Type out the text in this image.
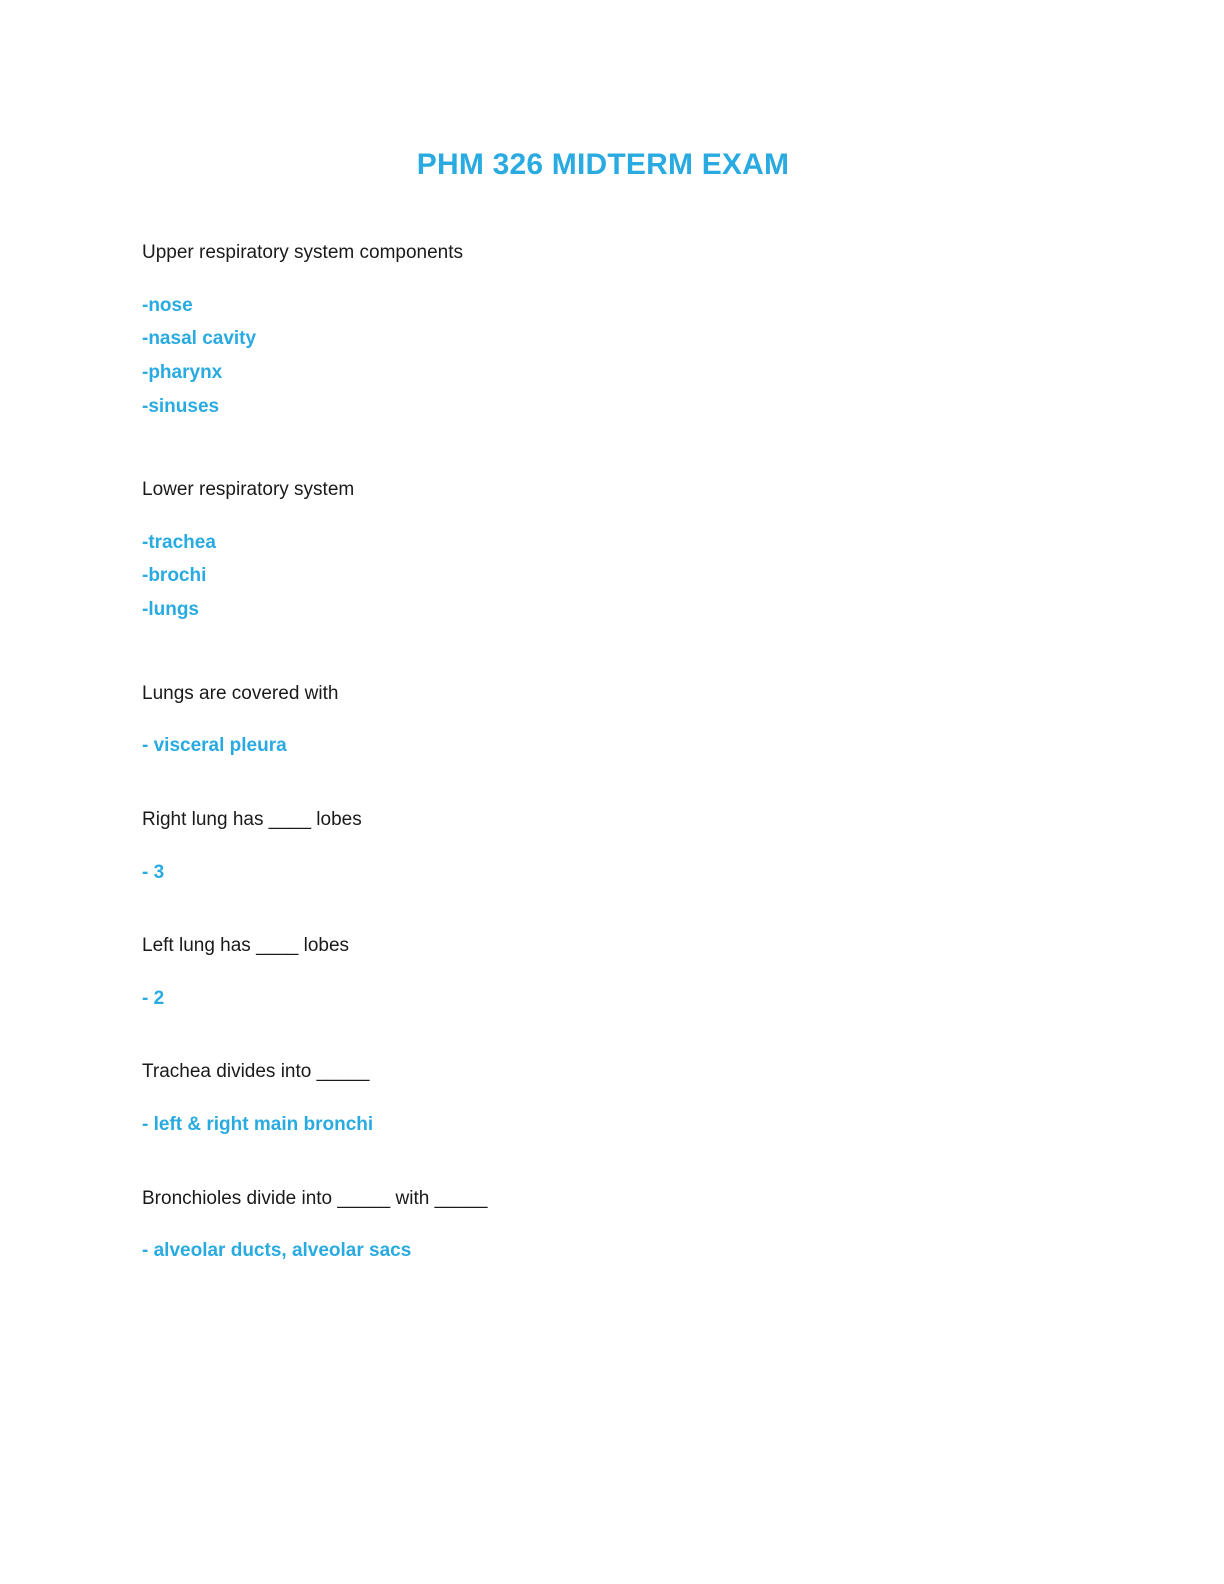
PHM 326 MIDTERM EXAM

Upper respiratory system components

-nose

-nasal cavity

-pharynx

-sinuses

Lower respiratory system

-trachea

-brochi

-lungs

Lungs are covered with

- visceral pleura

Right lung has ____ lobes

- 3

Left lung has ____ lobes

- 2

Trachea divides into _____

- left & right main bronchi

Bronchioles divide into _____ with _____

- alveolar ducts, alveolar sacs
